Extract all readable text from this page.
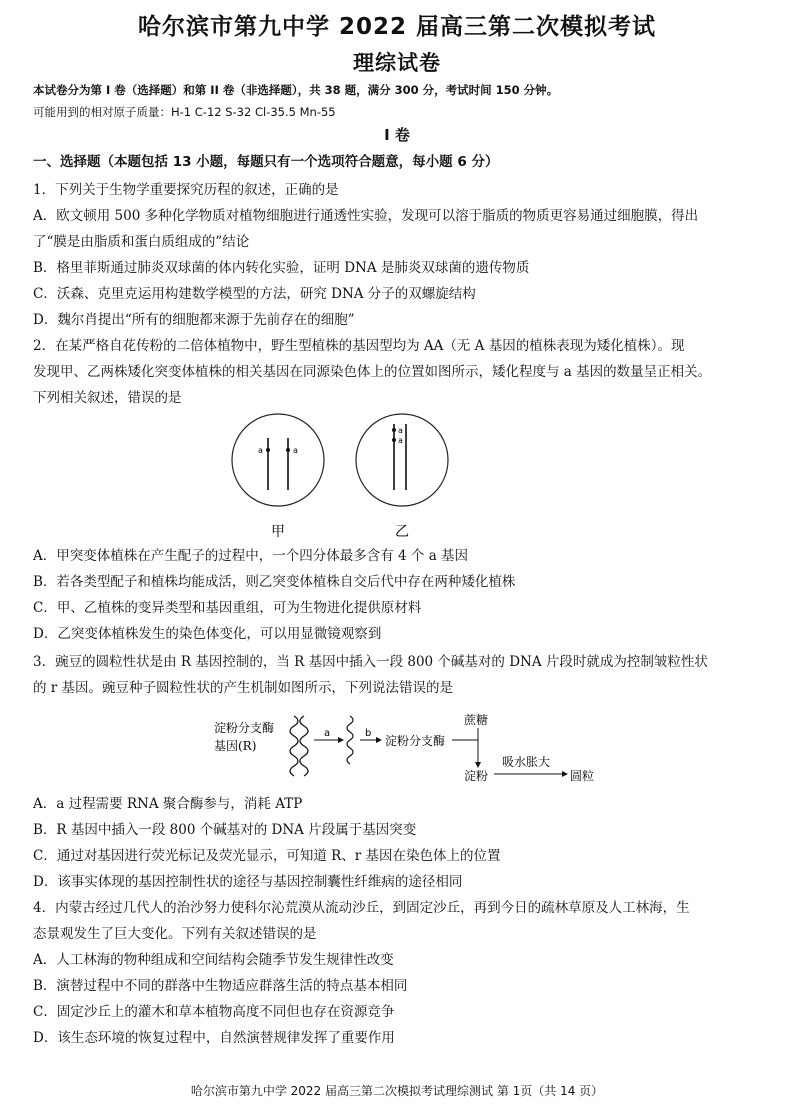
哈尔滨市第九中学 2022 届高三第二次模拟考试
理综试卷
本试卷分为第 I 卷（选择题）和第 II 卷（非选择题），共 38 题，满分 300 分，考试时间 150 分钟。
可能用到的相对原子质量：H-1 C-12 S-32 Cl-35.5 Mn-55
I 卷
一、选择题（本题包括 13 小题，每题只有一个选项符合题意，每小题 6 分）
1．下列关于生物学重要探究历程的叙述，正确的是
A．欧文顿用 500 多种化学物质对植物细胞进行通透性实验，发现可以溶于脂质的物质更容易通过细胞膜，得出
了“膜是由脂质和蛋白质组成的”结论
B．格里菲斯通过肺炎双球菌的体内转化实验，证明 DNA 是肺炎双球菌的遗传物质
C．沃森、克里克运用构建数学模型的方法，研究 DNA 分子的双螺旋结构
D．魏尔肖提出“所有的细胞都来源于先前存在的细胞”
2．在某严格自花传粉的二倍体植物中，野生型植株的基因型均为 AA（无 A 基因的植株表现为矮化植株）。现
发现甲、乙两株矮化突变体植株的相关基因在同源染色体上的位置如图所示，矮化程度与 a 基因的数量呈正相关。
下列相关叙述，错误的是
a	a
a
a
甲	乙
A．甲突变体植株在产生配子的过程中，一个四分体最多含有 4 个 a 基因
B．若各类型配子和植株均能成活，则乙突变体植株自交后代中存在两种矮化植株
C．甲、乙植株的变异类型和基因重组，可为生物进化提供原材料
D．乙突变体植株发生的染色体变化，可以用显微镜观察到
3．豌豆的圆粒性状是由 R 基因控制的，当 R 基因中插入一段 800 个碱基对的 DNA 片段时就成为控制皱粒性状
的 r 基因。豌豆种子圆粒性状的产生机制如图所示，下列说法错误的是
淀粉分支酶
基因(R)
a	b
淀粉分支酶
蔗糖
淀粉
吸水胀大
圆粒
A．a 过程需要 RNA 聚合酶参与，消耗 ATP
B．R 基因中插入一段 800 个碱基对的 DNA 片段属于基因突变
C．通过对基因进行荧光标记及荧光显示，可知道 R、r 基因在染色体上的位置
D．该事实体现的基因控制性状的途径与基因控制囊性纤维病的途径相同
4．内蒙古经过几代人的治沙努力使科尔沁荒漠从流动沙丘，到固定沙丘，再到今日的疏林草原及人工林海，生
态景观发生了巨大变化。下列有关叙述错误的是
A．人工林海的物种组成和空间结构会随季节发生规律性改变
B．演替过程中不同的群落中生物适应群落生活的特点基本相同
C．固定沙丘上的灌木和草本植物高度不同但也存在资源竞争
D．该生态环境的恢复过程中，自然演替规律发挥了重要作用
哈尔滨市第九中学 2022 届高三第二次模拟考试理综测试 第 1页（共 14 页）
